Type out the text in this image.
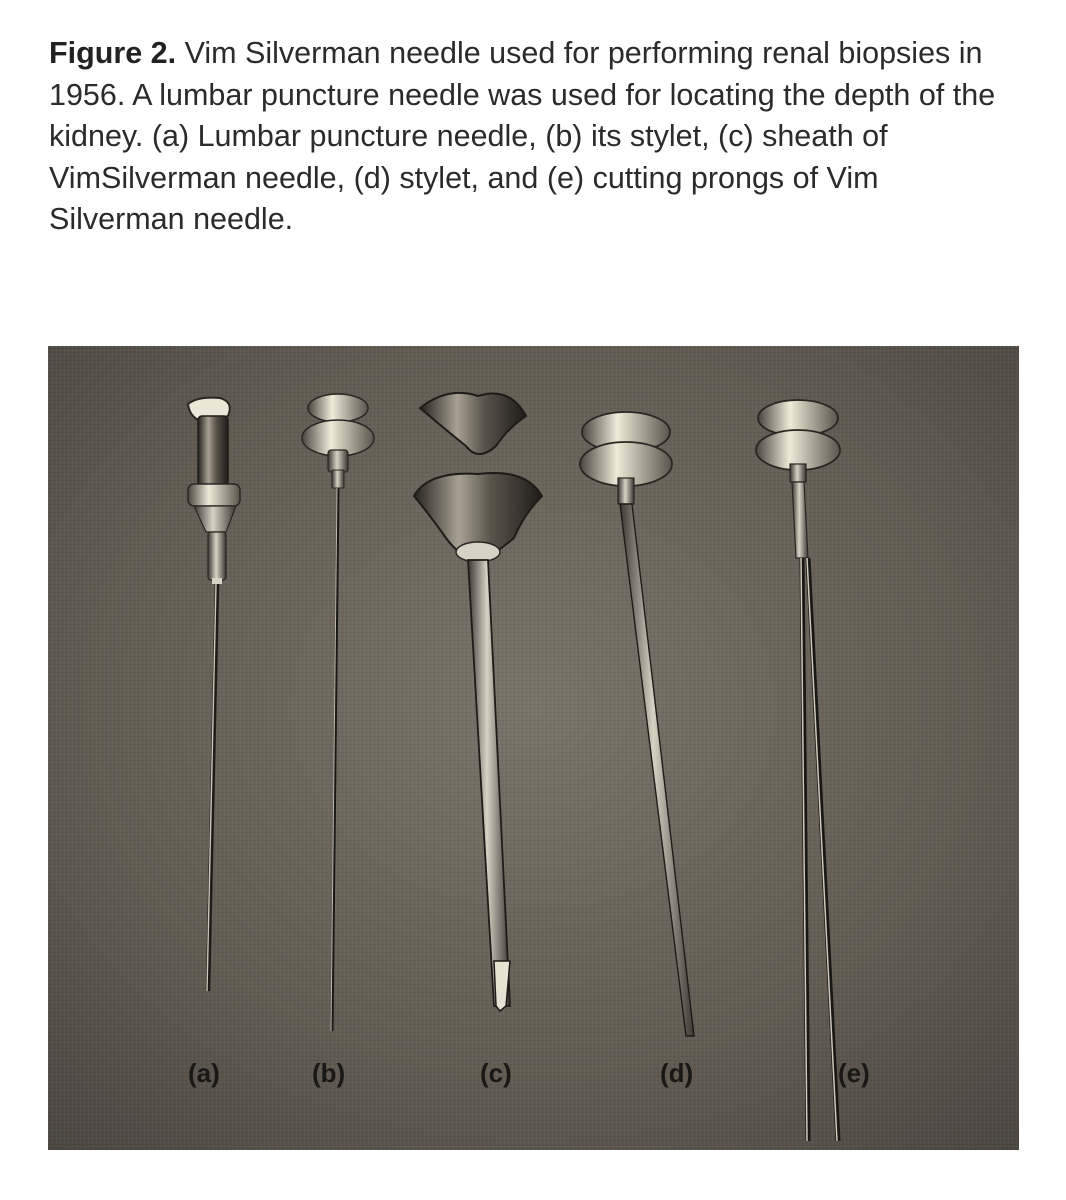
Figure 2. Vim Silverman needle used for performing renal biopsies in 1956. A lumbar puncture needle was used for locating the depth of the kidney. (a) Lumbar puncture needle, (b) its stylet, (c) sheath of VimSilverman needle, (d) stylet, and (e) cutting prongs of Vim Silverman needle.

(a)	(b)	(c)	(d)	(e)
